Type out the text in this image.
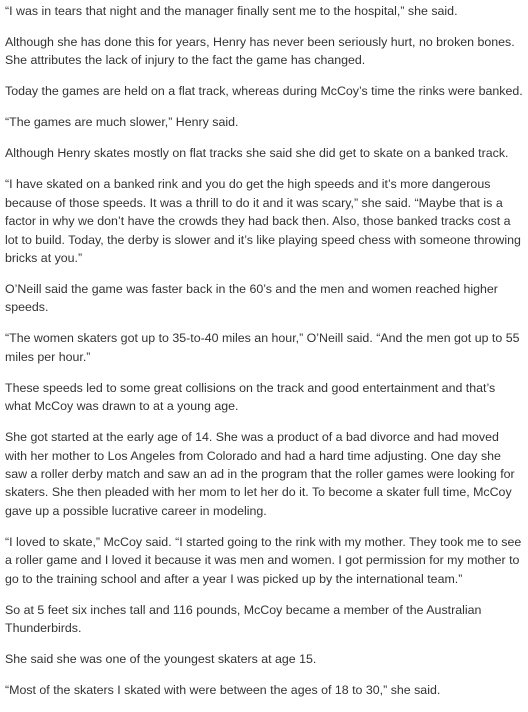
“I was in tears that night and the manager finally sent me to the hospital,” she said.

Although she has done this for years, Henry has never been seriously hurt, no broken bones. She attributes the lack of injury to the fact the game has changed.

Today the games are held on a flat track, whereas during McCoy’s time the rinks were banked.

“The games are much slower,” Henry said.

Although Henry skates mostly on flat tracks she said she did get to skate on a banked track.

“I have skated on a banked rink and you do get the high speeds and it’s more dangerous because of those speeds. It was a thrill to do it and it was scary,” she said. “Maybe that is a factor in why we don’t have the crowds they had back then. Also, those banked tracks cost a lot to build. Today, the derby is slower and it’s like playing speed chess with someone throwing bricks at you.”

O’Neill said the game was faster back in the 60’s and the men and women reached higher speeds.

“The women skaters got up to 35-to-40 miles an hour,” O’Neill said. “And the men got up to 55 miles per hour.”

These speeds led to some great collisions on the track and good entertainment and that’s what McCoy was drawn to at a young age.

She got started at the early age of 14. She was a product of a bad divorce and had moved with her mother to Los Angeles from Colorado and had a hard time adjusting. One day she saw a roller derby match and saw an ad in the program that the roller games were looking for skaters. She then pleaded with her mom to let her do it. To become a skater full time, McCoy gave up a possible lucrative career in modeling.

“I loved to skate,” McCoy said. “I started going to the rink with my mother. They took me to see a roller game and I loved it because it was men and women. I got permission for my mother to go to the training school and after a year I was picked up by the international team.”

So at 5 feet six inches tall and 116 pounds, McCoy became a member of the Australian Thunderbirds.

She said she was one of the youngest skaters at age 15.

“Most of the skaters I skated with were between the ages of 18 to 30,” she said.
